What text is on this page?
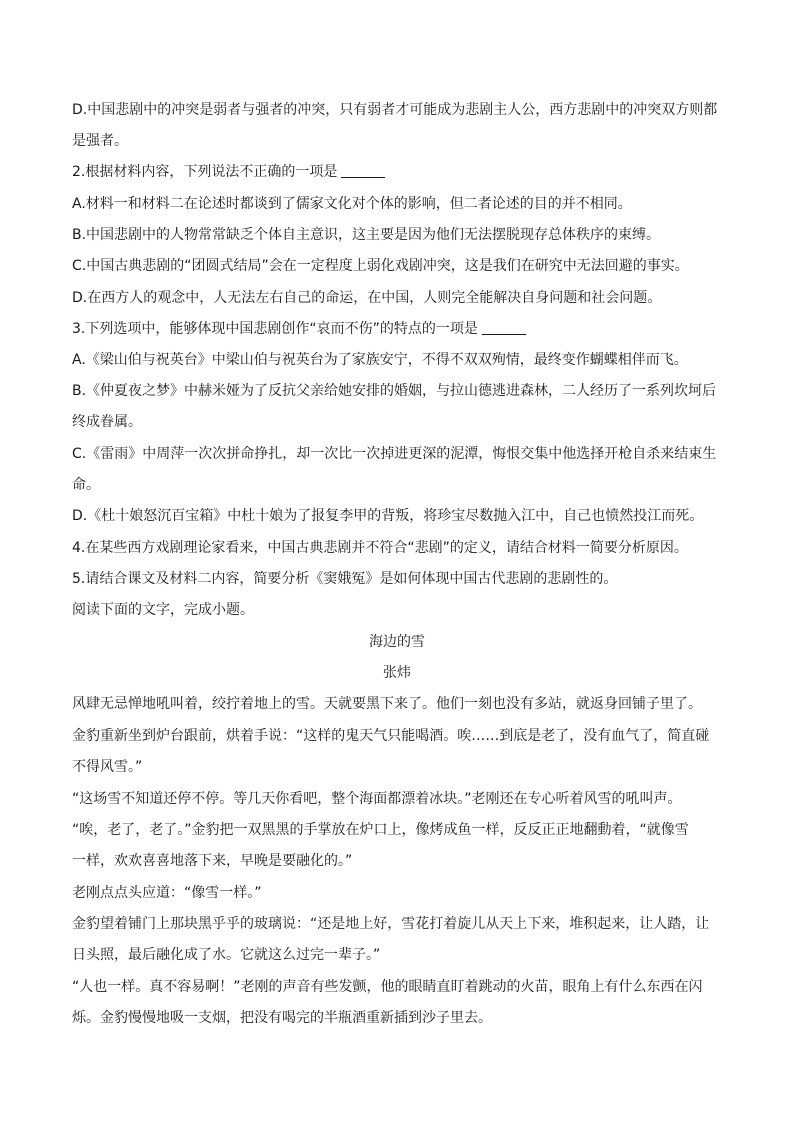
D.中国悲剧中的冲突是弱者与强者的冲突，只有弱者才可能成为悲剧主人公，西方悲剧中的冲突双方则都
是强者。
2.根据材料内容，下列说法不正确的一项是
A.材料一和材料二在论述时都谈到了儒家文化对个体的影响，但二者论述的目的并不相同。
B.中国悲剧中的人物常常缺乏个体自主意识，这主要是因为他们无法摆脱现存总体秩序的束缚。
C.中国古典悲剧的“团圆式结局”会在一定程度上弱化戏剧冲突，这是我们在研究中无法回避的事实。
D.在西方人的观念中，人无法左右自己的命运，在中国，人则完全能解决自身问题和社会问题。
3.下列选项中，能够体现中国悲剧创作“哀而不伤”的特点的一项是
A.《梁山伯与祝英台》中梁山伯与祝英台为了家族安宁，不得不双双殉情，最终变作蝴蝶相伴而飞。
B.《仲夏夜之梦》中赫米娅为了反抗父亲给她安排的婚姻，与拉山德逃进森林，二人经历了一系列坎坷后
终成眷属。
C.《雷雨》中周萍一次次拼命挣扎，却一次比一次掉进更深的泥潭，悔恨交集中他选择开枪自杀来结束生
命。
D.《杜十娘怒沉百宝箱》中杜十娘为了报复李甲的背叛，将珍宝尽数抛入江中，自己也愤然投江而死。
4.在某些西方戏剧理论家看来，中国古典悲剧并不符合“悲剧”的定义，请结合材料一简要分析原因。
5.请结合课文及材料二内容，简要分析《窦娥冤》是如何体现中国古代悲剧的悲剧性的。
阅读下面的文字，完成小题。
海边的雪
张炜
风肆无忌惮地吼叫着，绞拧着地上的雪。天就要黑下来了。他们一刻也没有多站，就返身回铺子里了。
金豹重新坐到炉台跟前，烘着手说：“这样的鬼天气只能喝酒。唉……到底是老了，没有血气了，简直碰
不得风雪。”
“这场雪不知道还停不停。等几天你看吧，整个海面都漂着冰块。”老刚还在专心听着风雪的吼叫声。
“唉，老了，老了。”金豹把一双黑黑的手掌放在炉口上，像烤成鱼一样，反反正正地翻動着，“就像雪
一样，欢欢喜喜地落下来，早晚是要融化的。”
老刚点点头应道：“像雪一样。”
金豹望着铺门上那块黑乎乎的玻璃说：“还是地上好，雪花打着旋儿从天上下来，堆积起来，让人踏，让
日头照，最后融化成了水。它就这么过完一辈子。”
“人也一样。真不容易啊！”老刚的声音有些发颤，他的眼睛直盯着跳动的火苗，眼角上有什么东西在闪
烁。金豹慢慢地吸一支烟，把没有喝完的半瓶酒重新插到沙子里去。
